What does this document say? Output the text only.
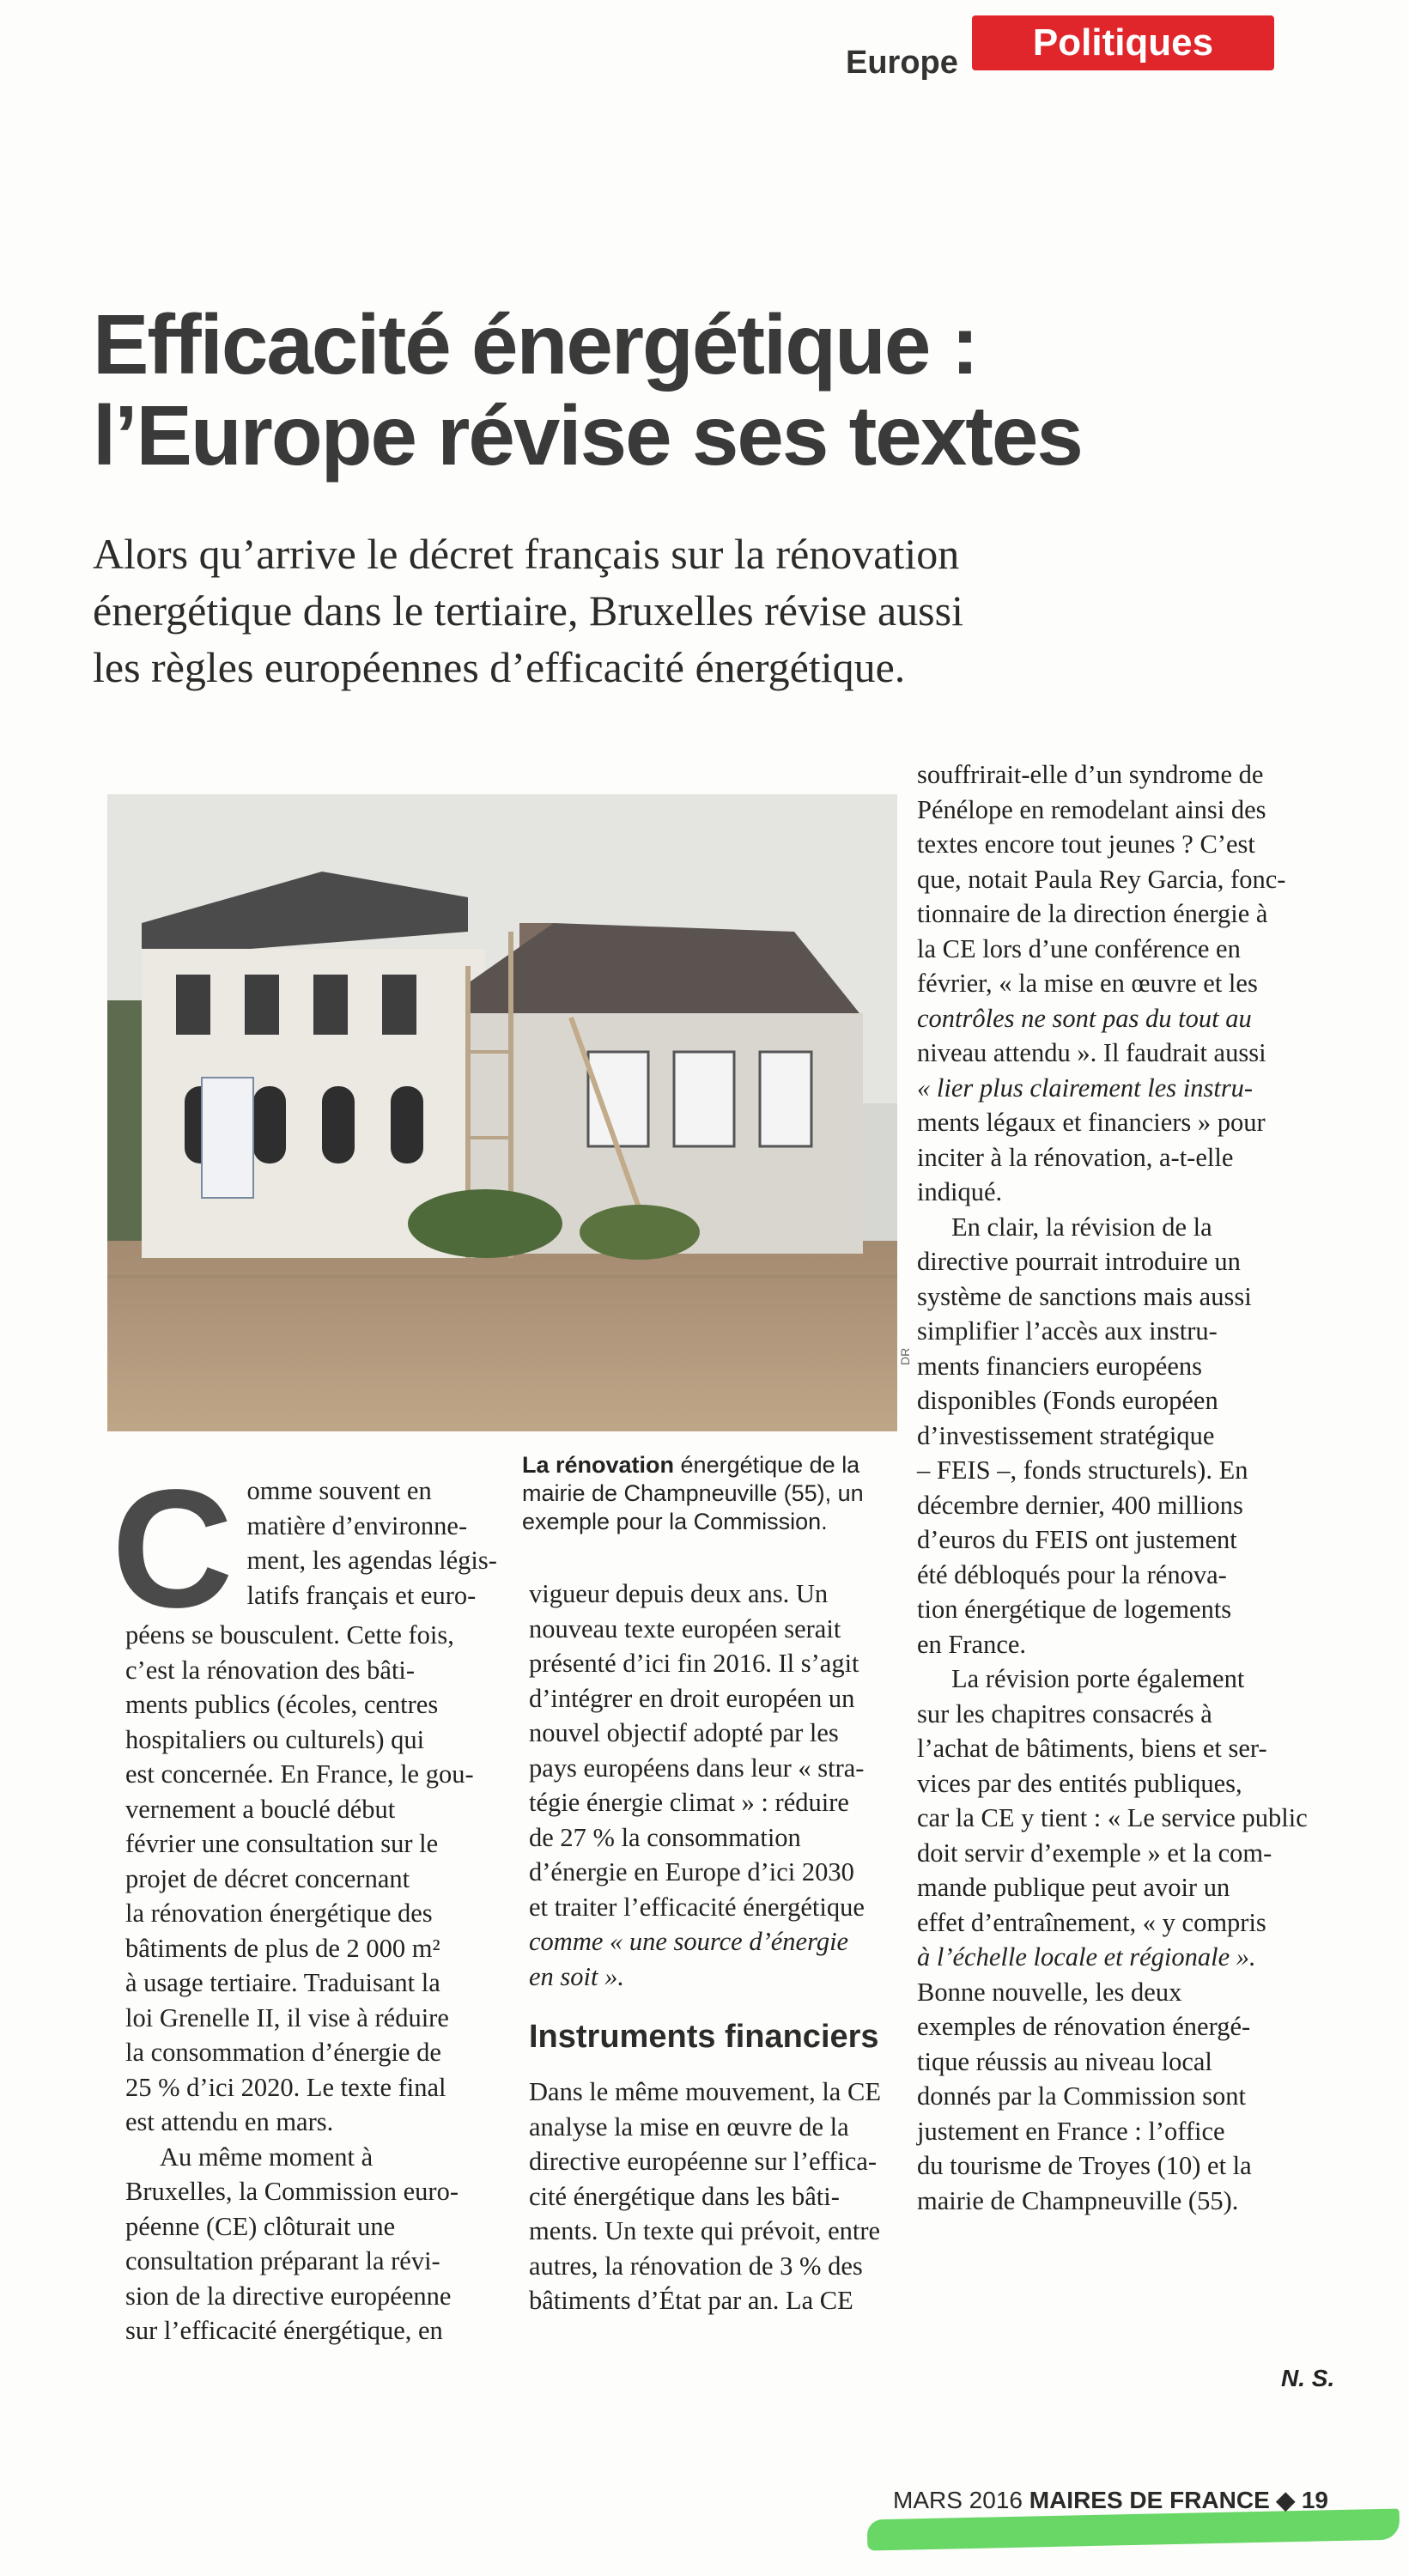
Europe	Politiques
Efficacité énergétique :
l’Europe révise ses textes
Alors qu’arrive le décret français sur la rénovation
énergétique dans le tertiaire, Bruxelles révise aussi
les règles européennes d’efficacité énergétique.
DR
La rénovation énergétique de la mairie de Champneuville (55), un exemple pour la Commission.
C omme souvent en
matière d’environne-
ment, les agendas légis-
latifs français et euro-
péens se bousculent. Cette fois,
c’est la rénovation des bâti-
ments publics (écoles, centres
hospitaliers ou culturels) qui
est concernée. En France, le gou-
vernement a bouclé début
février une consultation sur le
projet de décret concernant
la rénovation énergétique des
bâtiments de plus de 2 000 m²
à usage tertiaire. Traduisant la
loi Grenelle II, il vise à réduire
la consommation d’énergie de
25 % d’ici 2020. Le texte final
est attendu en mars.
Au même moment à
Bruxelles, la Commission euro-
péenne (CE) clôturait une
consultation préparant la révi-
sion de la directive européenne
sur l’efficacité énergétique, en
vigueur depuis deux ans. Un
nouveau texte européen serait
présenté d’ici fin 2016. Il s’agit
d’intégrer en droit européen un
nouvel objectif adopté par les
pays européens dans leur « stra-
tégie énergie climat » : réduire
de 27 % la consommation
d’énergie en Europe d’ici 2030
et traiter l’efficacité énergétique
comme « une source d’énergie
en soit ».
Instruments financiers
Dans le même mouvement, la CE
analyse la mise en œuvre de la
directive européenne sur l’effica-
cité énergétique dans les bâti-
ments. Un texte qui prévoit, entre
autres, la rénovation de 3 % des
bâtiments d’État par an. La CE
souffrirait-elle d’un syndrome de
Pénélope en remodelant ainsi des
textes encore tout jeunes ? C’est
que, notait Paula Rey Garcia, fonc-
tionnaire de la direction énergie à
la CE lors d’une conférence en
février, « la mise en œuvre et les
contrôles ne sont pas du tout au
niveau attendu ». Il faudrait aussi
« lier plus clairement les instru-
ments légaux et financiers » pour
inciter à la rénovation, a-t-elle
indiqué.
En clair, la révision de la
directive pourrait introduire un
système de sanctions mais aussi
simplifier l’accès aux instru-
ments financiers européens
disponibles (Fonds européen
d’investissement stratégique
– FEIS –, fonds structurels). En
décembre dernier, 400 millions
d’euros du FEIS ont justement
été débloqués pour la rénova-
tion énergétique de logements
en France.
La révision porte également
sur les chapitres consacrés à
l’achat de bâtiments, biens et ser-
vices par des entités publiques,
car la CE y tient : « Le service public
doit servir d’exemple » et la com-
mande publique peut avoir un
effet d’entraînement, « y compris
à l’échelle locale et régionale ».
Bonne nouvelle, les deux
exemples de rénovation énergé-
tique réussis au niveau local
donnés par la Commission sont
justement en France : l’office
du tourisme de Troyes (10) et la
mairie de Champneuville (55).
N. S.
MARS 2016 MAIRES DE FRANCE ◆ 19
